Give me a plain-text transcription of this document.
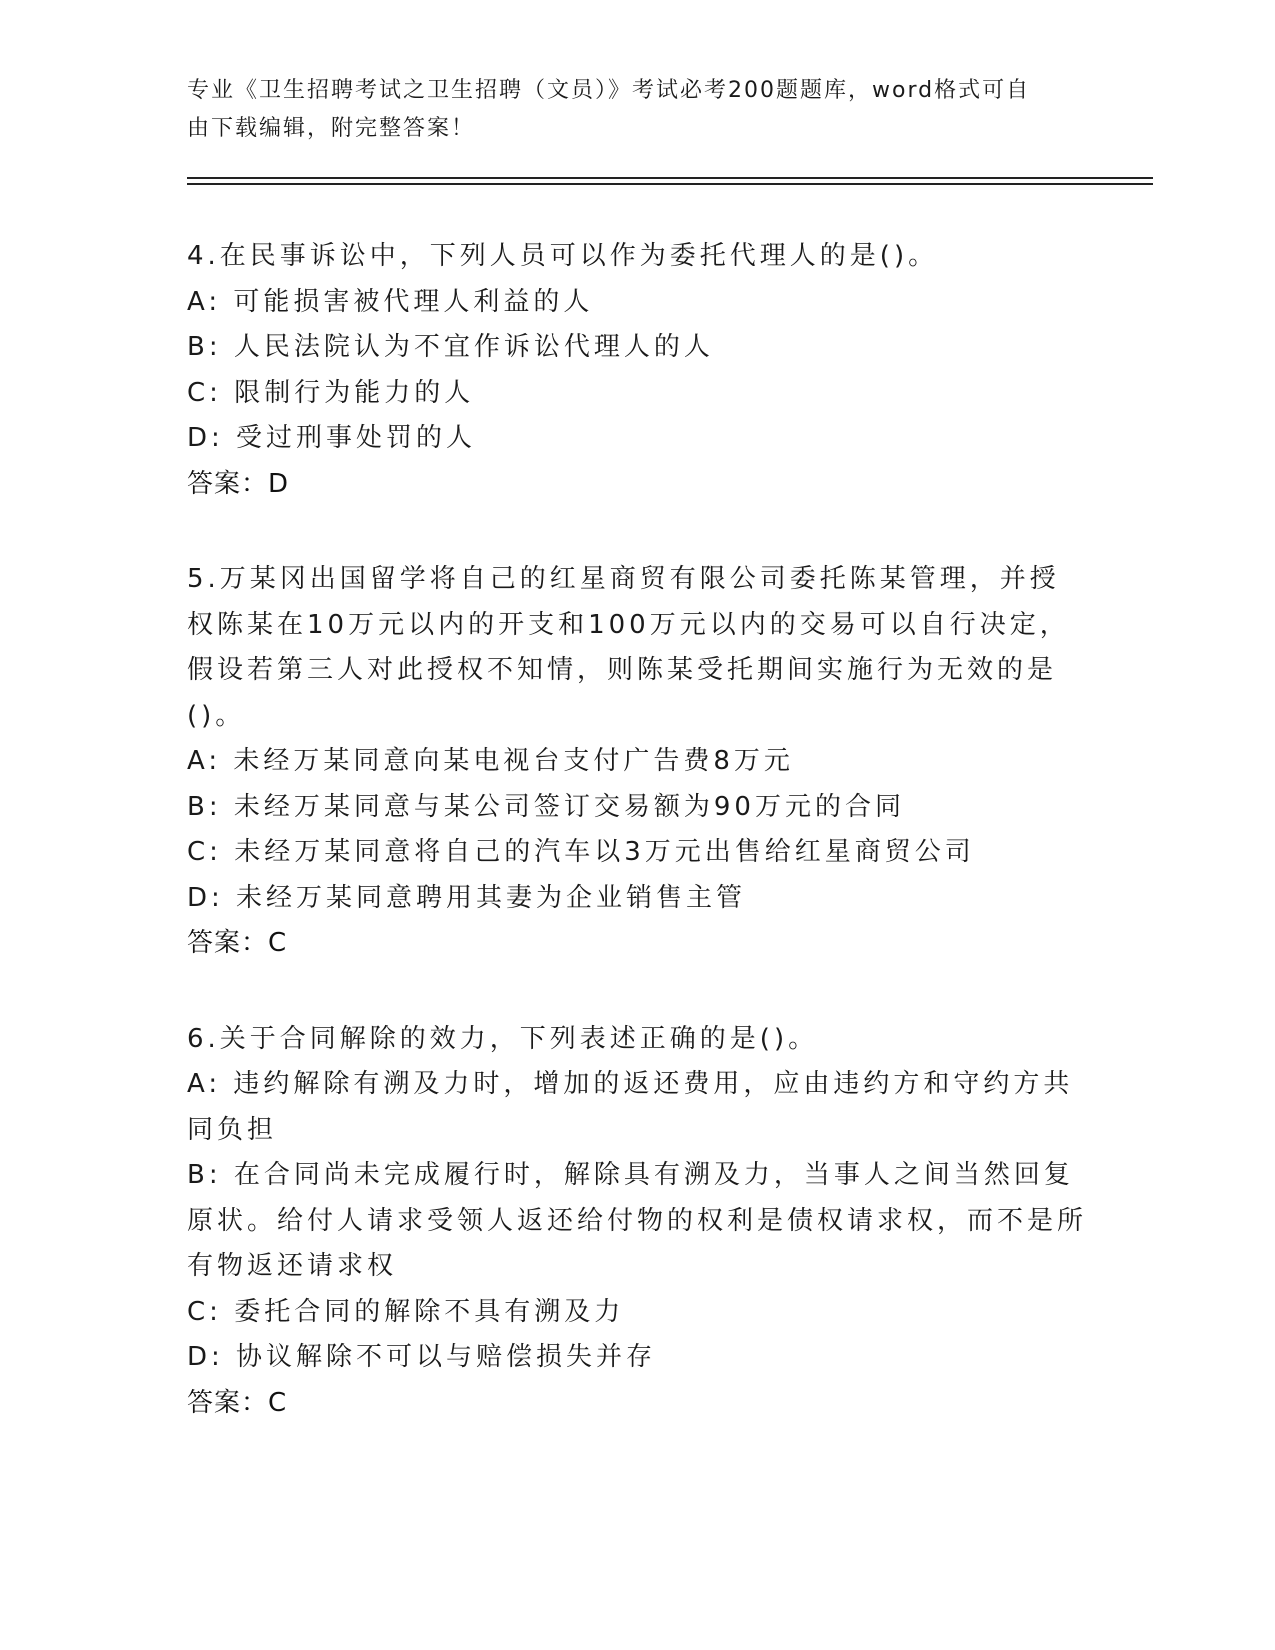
专业《卫生招聘考试之卫生招聘（文员）》考试必考200题题库，word格式可自
由下载编辑，附完整答案！
4.在民事诉讼中，下列人员可以作为委托代理人的是()。
A: 可能损害被代理人利益的人
B: 人民法院认为不宜作诉讼代理人的人
C: 限制行为能力的人
D: 受过刑事处罚的人
答案：D
5.万某冈出国留学将自己的红星商贸有限公司委托陈某管理，并授权陈某在10万元以内的开支和100万元以内的交易可以自行决定，假设若第三人对此授权不知情，则陈某受托期间实施行为无效的是()。
A: 未经万某同意向某电视台支付广告费8万元
B: 未经万某同意与某公司签订交易额为90万元的合同
C: 未经万某同意将自己的汽车以3万元出售给红星商贸公司
D: 未经万某同意聘用其妻为企业销售主管
答案：C
6.关于合同解除的效力，下列表述正确的是()。
A: 违约解除有溯及力时，增加的返还费用，应由违约方和守约方共同负担
B: 在合同尚未完成履行时，解除具有溯及力，当事人之间当然回复原状。给付人请求受领人返还给付物的权利是债权请求权，而不是所有物返还请求权
C: 委托合同的解除不具有溯及力
D: 协议解除不可以与赔偿损失并存
答案：C
